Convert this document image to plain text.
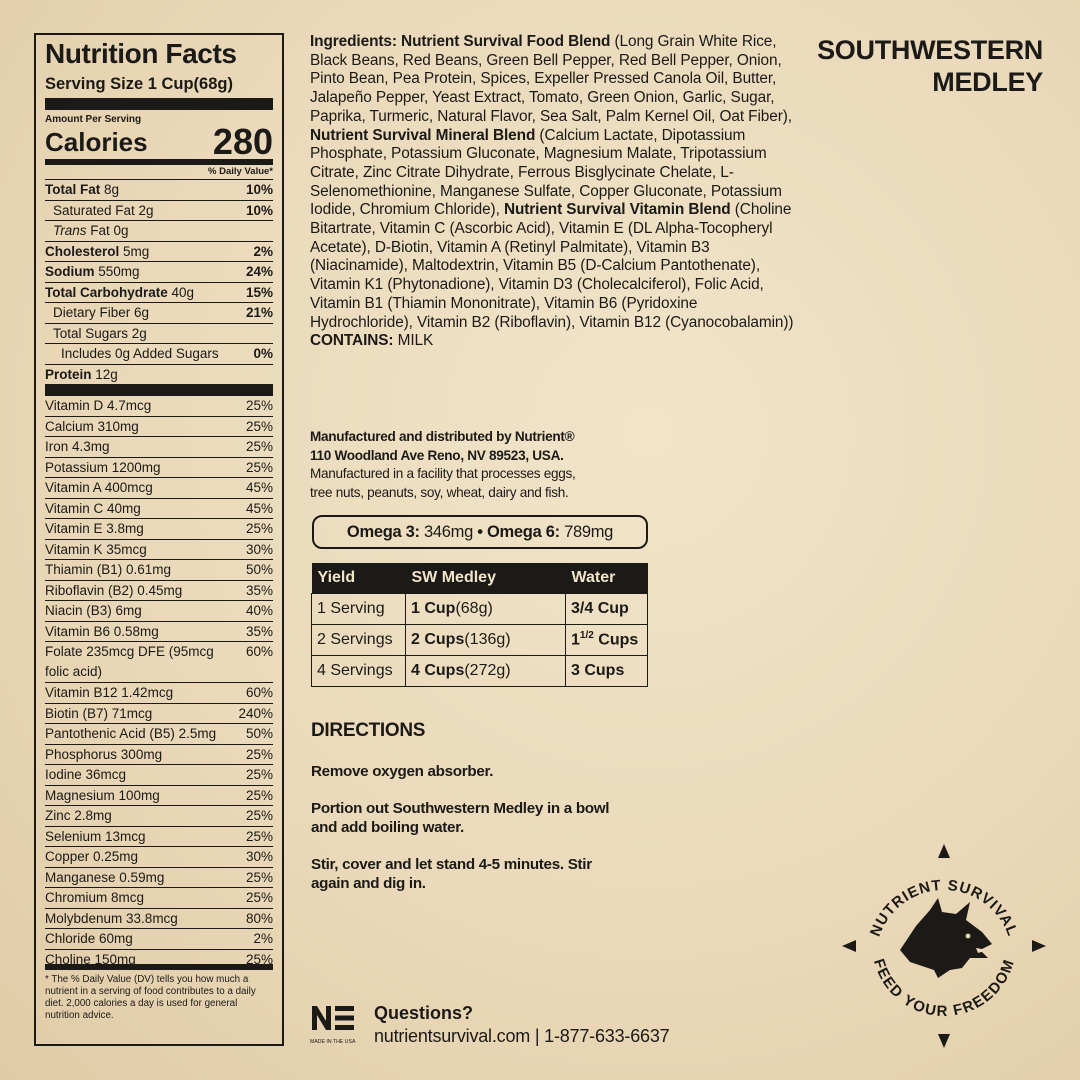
Nutrition Facts
Serving Size 1 Cup(68g)
Amount Per Serving
Calories 280
% Daily Value*
Total Fat 8g	10%
Saturated Fat 2g	10%
Trans Fat 0g
Cholesterol 5mg	2%
Sodium 550mg	24%
Total Carbohydrate 40g	15%
Dietary Fiber 6g	21%
Total Sugars 2g
Includes 0g Added Sugars	0%
Protein 12g
Vitamin D 4.7mcg	25%
Calcium 310mg	25%
Iron 4.3mg	25%
Potassium 1200mg	25%
Vitamin A 400mcg	45%
Vitamin C 40mg	45%
Vitamin E 3.8mg	25%
Vitamin K 35mcg	30%
Thiamin (B1) 0.61mg	50%
Riboflavin (B2) 0.45mg	35%
Niacin (B3) 6mg	40%
Vitamin B6 0.58mg	35%
Folate 235mcg DFE (95mcg folic acid)
60%
Vitamin B12 1.42mcg	60%
Biotin (B7) 71mcg	240%
Pantothenic Acid (B5) 2.5mg 50%
Phosphorus 300mg	25%
Iodine 36mcg	25%
Magnesium 100mg	25%
Zinc 2.8mg	25%
Selenium 13mcg	25%
Copper 0.25mg	30%
Manganese 0.59mg	25%
Chromium 8mcg	25%
Molybdenum 33.8mcg	80%
Chloride 60mg	2%
Choline 150mg	25%
* The % Daily Value (DV) tells you how much a nutrient in a serving of food contributes to a daily diet. 2,000 calories a day is used for general nutrition advice.
Ingredients: Nutrient Survival Food Blend (Long Grain White Rice, Black Beans, Red Beans, Green Bell Pepper, Red Bell Pepper, Onion, Pinto Bean, Pea Protein, Spices, Expeller Pressed Canola Oil, Butter, Jalapeño Pepper, Yeast Extract, Tomato, Green Onion, Garlic, Sugar, Paprika, Turmeric, Natural Flavor, Sea Salt, Palm Kernel Oil, Oat Fiber), Nutrient Survival Mineral Blend (Calcium Lactate, Dipotassium Phosphate, Potassium Gluconate, Magnesium Malate, Tripotassium Citrate, Zinc Citrate Dihydrate, Ferrous Bisglycinate Chelate, L-Selenomethionine, Manganese Sulfate, Copper Gluconate, Potassium Iodide, Chromium Chloride), Nutrient Survival Vitamin Blend (Choline Bitartrate, Vitamin C (Ascorbic Acid), Vitamin E (DL Alpha-Tocopheryl Acetate), D-Biotin, Vitamin A (Retinyl Palmitate), Vitamin B3 (Niacinamide), Maltodextrin, Vitamin B5 (D-Calcium Pantothenate), Vitamin K1 (Phytonadione), Vitamin D3 (Cholecalciferol), Folic Acid, Vitamin B1 (Thiamin Mononitrate), Vitamin B6 (Pyridoxine Hydrochloride), Vitamin B2 (Riboflavin), Vitamin B12 (Cyanocobalamin))
CONTAINS: MILK
Manufactured and distributed by Nutrient®
110 Woodland Ave Reno, NV 89523, USA.
Manufactured in a facility that processes eggs,
tree nuts, peanuts, soy, wheat, dairy and fish.
Omega 3: 346mg • Omega 6: 789mg
Yield	SW Medley	Water
1 Serving	1 Cup(68g)	3/4 Cup
2 Servings	2 Cups(136g)	$1^{1/2}$ Cups
4 Servings	4 Cups(272g)	3 Cups
DIRECTIONS

Remove oxygen absorber.

Portion out Southwestern Medley in a bowl and add boiling water.

Stir, cover and let stand 4-5 minutes. Stir again and dig in.

SOUTHWESTERN
MEDLEY
MADE IN THE USA
Questions?
nutrientsurvival.com | 1-877-633-6637
NUTRIENT SURVIVAL
FEED YOUR FREEDOM
